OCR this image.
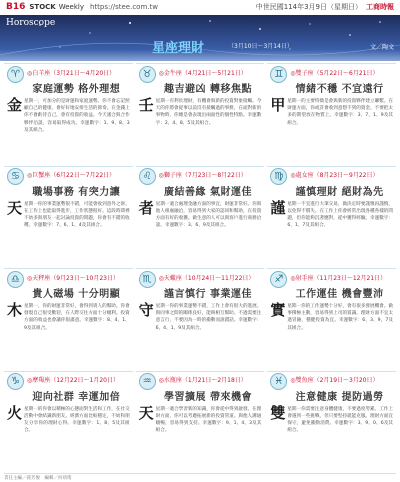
B16 STOCK Weekly https://stee.com.tw	中世民國114年3月9日（星期日） 工商時報
Horoscope
星座理財	（3月10日～3月14日）	文／陶文
♈	◎白羊座（3月21日～4月20日）
家庭運勢 格外理想
金 星期一，可加分的是財運和家庭運勢。你不會忘記照顧自己的健康，會好好地安排生活的節奏。在金錢上你不會虧待自己，會有投資的收益。今天適合與合作夥伴洽談，容易取得成功。幸運數字：1、9、8、3及其組合。

♉	◎金牛座（4月21日～5月21日）
趣吉避凶 轉移焦點
壬 星期一有利於理財，有機會與新的投資對象接觸。今天的你將會從事以前沒有接觸過的事務，在面對新的事物時，你總是會表現出兩面性的個性特點。幸運數字：2、4、8、5及其組合。

♊	◎雙子座（5月22日～6月21日）
情緒不穩 不宜遠行
甲 星期一的主要特徵是會與新的投資夥伴建立聯繫。在財運方面，你或許會收到意想不到的資金。不要把太多的期望放在物質上。幸運數字：3、7、1、9及其組合。

♋	◎巨蟹座（6月22日～7月22日）
職場事務 有突力讓
天 星期一你的事業運勢很不錯，可能會收到意外之財。在工作上也能取得進步，工作狀態很好。這段時間裡不妨多與朋友一起討論投資的問題，你會有不錯的收穫。幸運數字：7、6、1、4及其組合。

♌	◎獅子座（7月23日～8月22日）
廣結善緣 氣財運佳
者 星期一適合處理金融方面的事宜，財運非常好。你與他人相處融洽，容易得到大家的認同和幫助，在投資方面有好的收獲。做生意的人可以與客戶進行商務洽談。幸運數字：3、6、9及其組合。

♍	◎處女座（8月23日～9月22日）
謹慎理財 絕財為先
謹 星期一不宜進行大筆交易，做決定時要謹慎再謹慎，以免得不償失。在工作上你會經常出現各種各樣的問題，但你能夠沉著應對，從中獲得經驗。幸運數字：6、1、7及其組合。

♎	◎天秤座（9月23日～10月23日）
貴人磁場 十分明顯
木 星期一，你的財運非常好，會得到貴人的幫助。你會發現自己很受歡迎，在人際交往方面十分順利。投資方面的收益也會讓你很滿意。幸運數字：8、4、1、9及其組合。

♏	◎天蠍座（10月24日～11月22日）
謹言慎行 事業運佳
守 星期一你的事業運勢不錯，工作上會有很大的進展。與同事之間的關係良好，能夠相互幫助。不過需要注意言行，不要因為一時的衝動而說錯話。幸運數字：6、4、1、9及其組合。

♐	◎射手座（11月23日～12月21日）
工作運佳 機會豐沛
實 星期一你的工作運勢十分好，會有很多發展機會。做事積極主動，容易得到上司的賞識。理財方面不宜太過冒險，穩健投資為宜。幸運數字：6、3、9、7及其組合。

♑	◎摩羯座（12月22日～1月20日）
迎向社群 幸運加倍
火 星期一的你會以積極的心態面對生活和工作，在社交活動中會結識新朋友。經濟方面比較穩定，不妨和朋友分享你的理財心得。幸運數字：1、8、5及其組合。

♒	◎水瓶座（1月21日～2月18日）
學習擴展 帶來機會
天 星期一適合學習新的知識，你會從中得到啟發。在理財方面，你可以考慮拓展新的投資管道。與他人溝通順暢，容易得到支持。幸運數字：9、1、4、3及其組合。

♓	◎雙魚座（2月19日～3月20日）
注意健康 提防過勞
雙 星期一你需要注意身體健康，不要過度勞累。工作上會遇到一些挑戰，但只要堅持就能克服。理財方面宜保守，避免衝動消費。幸運數字：3、9、0、6及其組合。

責任主編／孫芳俊　編輯／何靖瑤
